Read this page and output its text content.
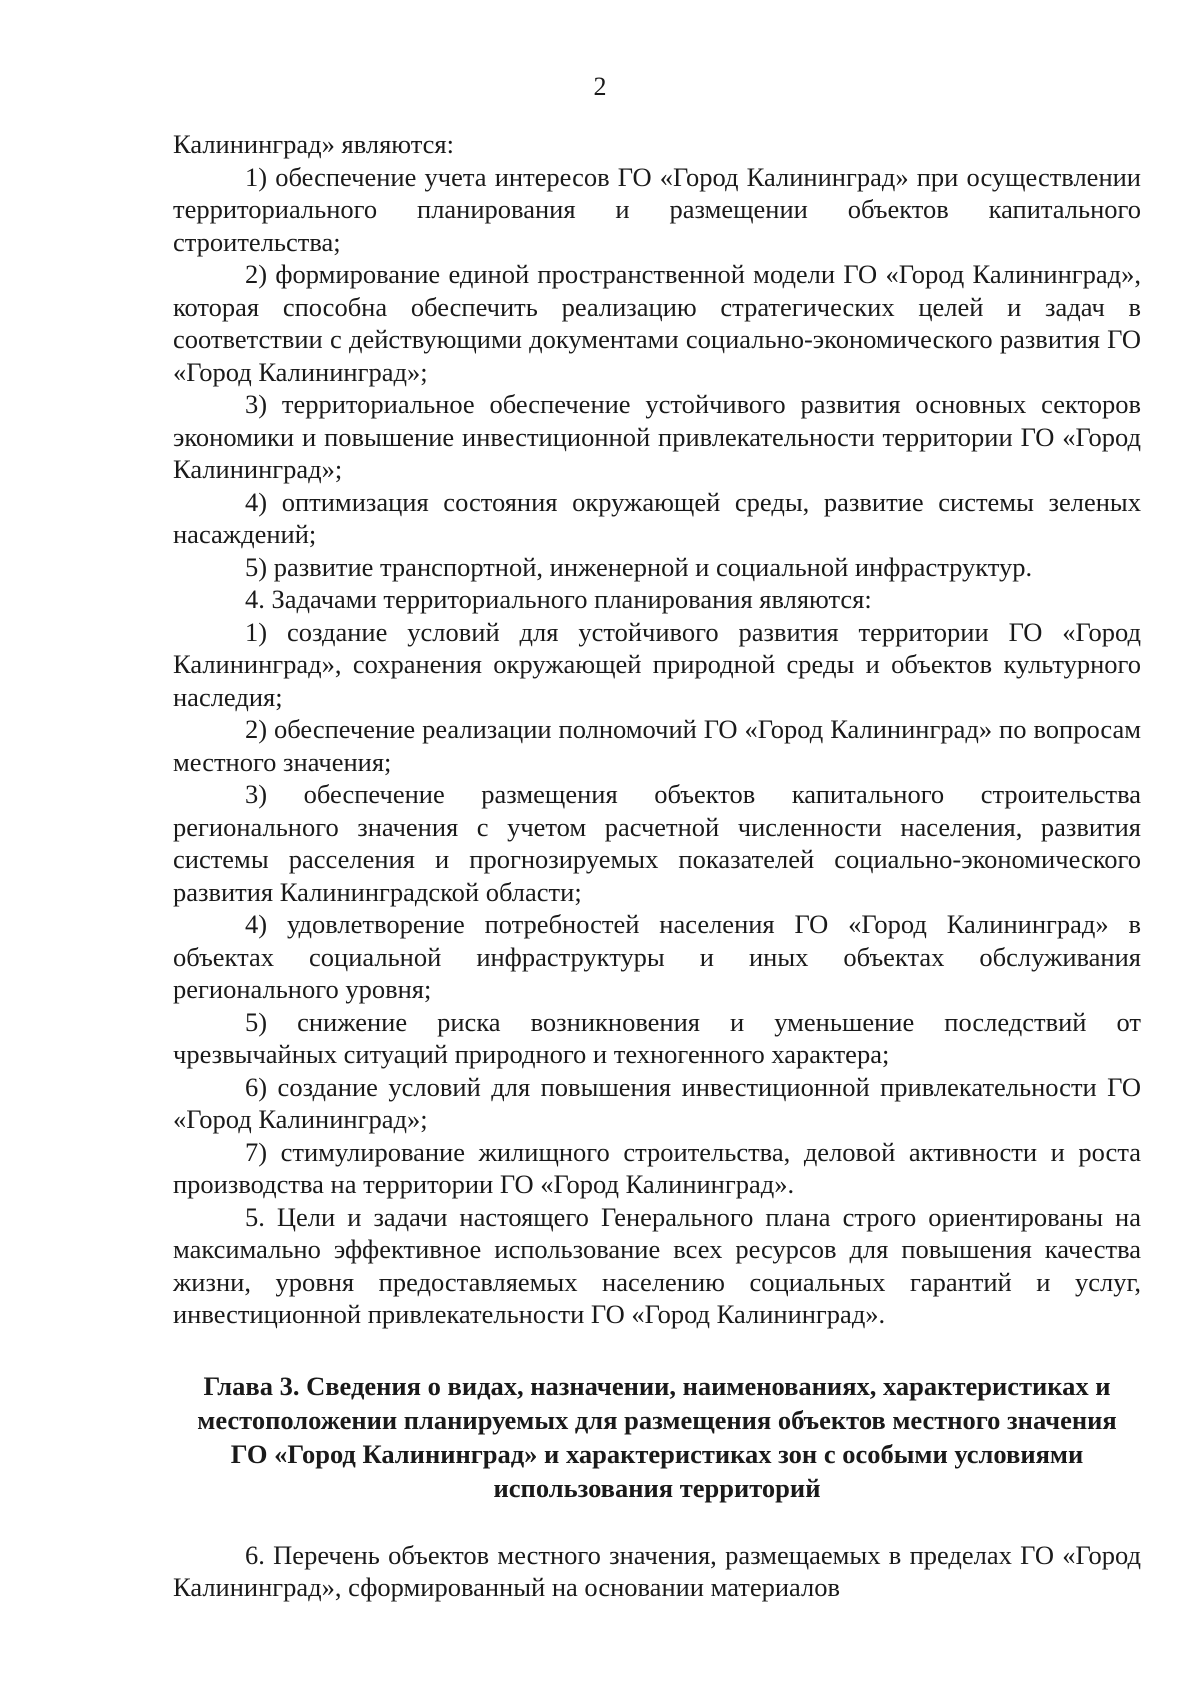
2

Калининград» являются:

1) обеспечение учета интересов ГО «Город Калининград» при осуществлении территориального планирования и размещении объектов капитального строительства;

2) формирование единой пространственной модели ГО «Город Калининград», которая способна обеспечить реализацию стратегических целей и задач в соответствии с действующими документами социально-экономического развития ГО «Город Калининград»;

3) территориальное обеспечение устойчивого развития основных секторов экономики и повышение инвестиционной привлекательности территории ГО «Город Калининград»;

4) оптимизация состояния окружающей среды, развитие системы зеленых насаждений;

5) развитие транспортной, инженерной и социальной инфраструктур.

4. Задачами территориального планирования являются:

1) создание условий для устойчивого развития территории ГО «Город Калининград», сохранения окружающей природной среды и объектов культурного наследия;

2) обеспечение реализации полномочий ГО «Город Калининград» по вопросам местного значения;

3) обеспечение размещения объектов капитального строительства регионального значения с учетом расчетной численности населения, развития системы расселения и прогнозируемых показателей социально-экономического развития Калининградской области;

4) удовлетворение потребностей населения ГО «Город Калининград» в объектах социальной инфраструктуры и иных объектах обслуживания регионального уровня;

5) снижение риска возникновения и уменьшение последствий от чрезвычайных ситуаций природного и техногенного характера;

6) создание условий для повышения инвестиционной привлекательности ГО «Город Калининград»;

7) стимулирование жилищного строительства, деловой активности и роста производства на территории ГО «Город Калининград».

5. Цели и задачи настоящего Генерального плана строго ориентированы на максимально эффективное использование всех ресурсов для повышения качества жизни, уровня предоставляемых населению социальных гарантий и услуг, инвестиционной привлекательности ГО «Город Калининград».

Глава 3. Сведения о видах, назначении, наименованиях, характеристиках и местоположении планируемых для размещения объектов местного значения ГО «Город Калининград» и характеристиках зон с особыми условиями использования территорий

6. Перечень объектов местного значения, размещаемых в пределах ГО «Город Калининград», сформированный на основании материалов
